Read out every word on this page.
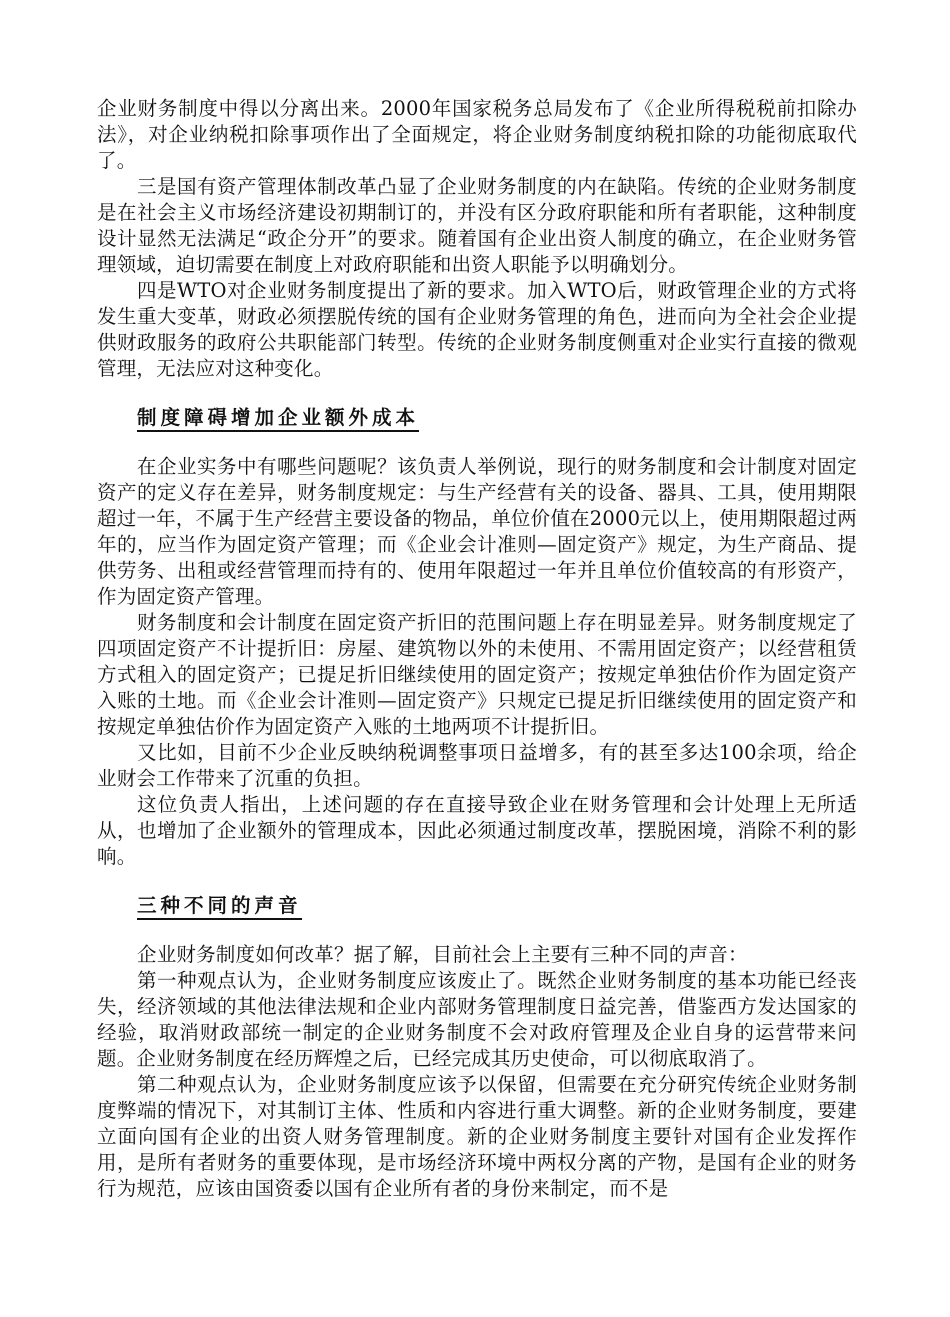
企业财务制度中得以分离出来。2000年国家税务总局发布了《企业所得税税前扣除办法》，对企业纳税扣除事项作出了全面规定，将企业财务制度纳税扣除的功能彻底取代了。

三是国有资产管理体制改革凸显了企业财务制度的内在缺陷。传统的企业财务制度是在社会主义市场经济建设初期制订的，并没有区分政府职能和所有者职能，这种制度设计显然无法满足“政企分开”的要求。随着国有企业出资人制度的确立，在企业财务管理领域，迫切需要在制度上对政府职能和出资人职能予以明确划分。

四是WTO对企业财务制度提出了新的要求。加入WTO后，财政管理企业的方式将发生重大变革，财政必须摆脱传统的国有企业财务管理的角色，进而向为全社会企业提供财政服务的政府公共职能部门转型。传统的企业财务制度侧重对企业实行直接的微观管理，无法应对这种变化。

制度障碍增加企业额外成本

在企业实务中有哪些问题呢？该负责人举例说，现行的财务制度和会计制度对固定资产的定义存在差异，财务制度规定：与生产经营有关的设备、器具、工具，使用期限超过一年，不属于生产经营主要设备的物品，单位价值在2000元以上，使用期限超过两年的，应当作为固定资产管理；而《企业会计准则—固定资产》规定，为生产商品、提供劳务、出租或经营管理而持有的、使用年限超过一年并且单位价值较高的有形资产，作为固定资产管理。

财务制度和会计制度在固定资产折旧的范围问题上存在明显差异。财务制度规定了四项固定资产不计提折旧：房屋、建筑物以外的未使用、不需用固定资产；以经营租赁方式租入的固定资产；已提足折旧继续使用的固定资产；按规定单独估价作为固定资产入账的土地。而《企业会计准则—固定资产》只规定已提足折旧继续使用的固定资产和按规定单独估价作为固定资产入账的土地两项不计提折旧。

又比如，目前不少企业反映纳税调整事项日益增多，有的甚至多达100余项，给企业财会工作带来了沉重的负担。

这位负责人指出，上述问题的存在直接导致企业在财务管理和会计处理上无所适从，也增加了企业额外的管理成本，因此必须通过制度改革，摆脱困境，消除不利的影响。

三种不同的声音

企业财务制度如何改革？据了解，目前社会上主要有三种不同的声音：

第一种观点认为，企业财务制度应该废止了。既然企业财务制度的基本功能已经丧失，经济领域的其他法律法规和企业内部财务管理制度日益完善，借鉴西方发达国家的经验，取消财政部统一制定的企业财务制度不会对政府管理及企业自身的运营带来问题。企业财务制度在经历辉煌之后，已经完成其历史使命，可以彻底取消了。

第二种观点认为，企业财务制度应该予以保留，但需要在充分研究传统企业财务制度弊端的情况下，对其制订主体、性质和内容进行重大调整。新的企业财务制度，要建立面向国有企业的出资人财务管理制度。新的企业财务制度主要针对国有企业发挥作用，是所有者财务的重要体现，是市场经济环境中两权分离的产物，是国有企业的财务行为规范，应该由国资委以国有企业所有者的身份来制定，而不是
